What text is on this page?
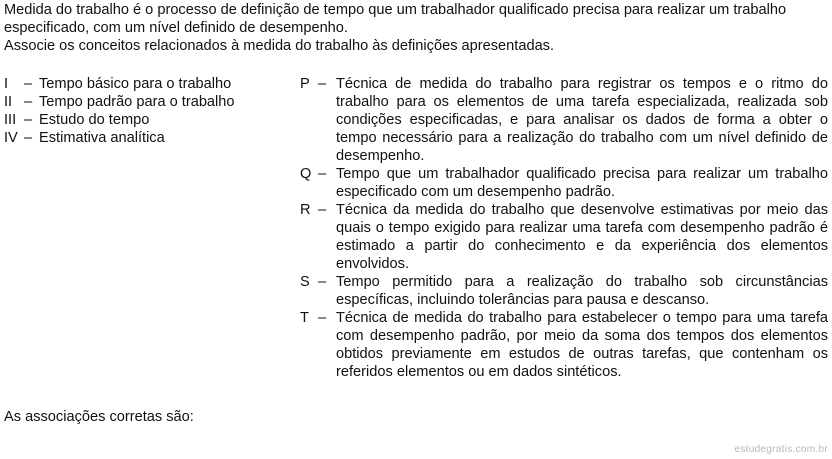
Medida do trabalho é o processo de definição de tempo que um trabalhador qualificado precisa para realizar um trabalho especificado, com um nível definido de desempenho.

Associe os conceitos relacionados à medida do trabalho às definições apresentadas.

I	– Tempo básico para o trabalho
II – Tempo padrão para o trabalho
III – Estudo do tempo
IV – Estimativa analítica
P – Técnica de medida do trabalho para registrar os tempos e o ritmo do trabalho para os elementos de uma tarefa especializada, realizada sob condições especificadas, e para analisar os dados de forma a obter o tempo necessário para a realização do trabalho com um nível definido de desempenho.
Q – Tempo que um trabalhador qualificado precisa para realizar um trabalho especificado com um desempenho padrão.
R – Técnica da medida do trabalho que desenvolve estimativas por meio das quais o tempo exigido para realizar uma tarefa com desempenho padrão é estimado a partir do conhecimento e da experiência dos elementos envolvidos.
S – Tempo permitido para a realização do trabalho sob circunstâncias específicas, incluindo tolerâncias para pausa e descanso.
T – Técnica de medida do trabalho para estabelecer o tempo para uma tarefa com desempenho padrão, por meio da soma dos tempos dos elementos obtidos previamente em estudos de outras tarefas, que contenham os referidos elementos ou em dados sintéticos.
As associações corretas são:
estudegratis.com.br
